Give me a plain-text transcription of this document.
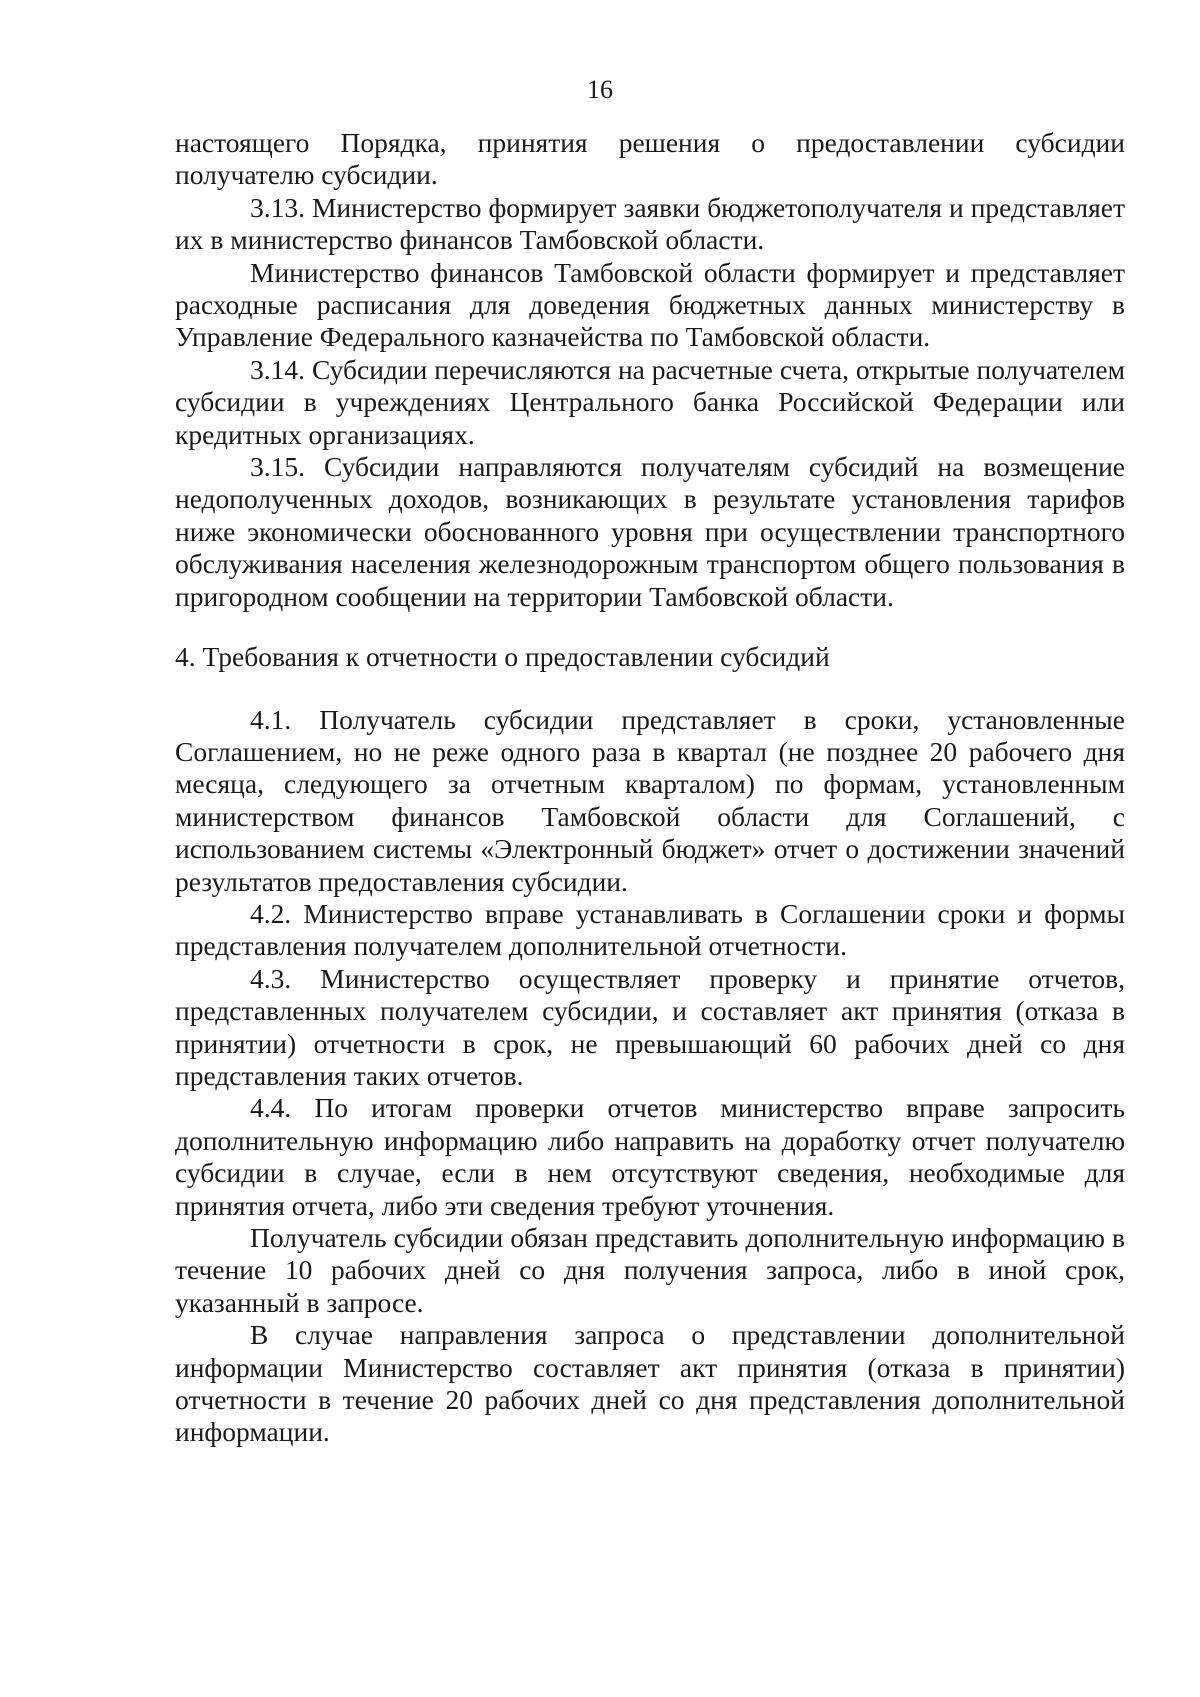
16

настоящего Порядка, принятия решения о предоставлении субсидии получателю субсидии.

3.13. Министерство формирует заявки бюджетополучателя и представляет их в министерство финансов Тамбовской области.

Министерство финансов Тамбовской области формирует и представляет расходные расписания для доведения бюджетных данных министерству в Управление Федерального казначейства по Тамбовской области.

3.14. Субсидии перечисляются на расчетные счета, открытые получателем субсидии в учреждениях Центрального банка Российской Федерации или кредитных организациях.

3.15. Субсидии направляются получателям субсидий на возмещение недополученных доходов, возникающих в результате установления тарифов ниже экономически обоснованного уровня при осуществлении транспортного обслуживания населения железнодорожным транспортом общего пользования в пригородном сообщении на территории Тамбовской области.

4. Требования к отчетности о предоставлении субсидий

4.1. Получатель субсидии представляет в сроки, установленные Соглашением, но не реже одного раза в квартал (не позднее 20 рабочего дня месяца, следующего за отчетным кварталом) по формам, установленным министерством финансов Тамбовской области для Соглашений, с использованием системы «Электронный бюджет» отчет о достижении значений результатов предоставления субсидии.

4.2. Министерство вправе устанавливать в Соглашении сроки и формы представления получателем дополнительной отчетности.

4.3. Министерство осуществляет проверку и принятие отчетов, представленных получателем субсидии, и составляет акт принятия (отказа в принятии) отчетности в срок, не превышающий 60 рабочих дней со дня представления таких отчетов.

4.4. По итогам проверки отчетов министерство вправе запросить дополнительную информацию либо направить на доработку отчет получателю субсидии в случае, если в нем отсутствуют сведения, необходимые для принятия отчета, либо эти сведения требуют уточнения.

Получатель субсидии обязан представить дополнительную информацию в течение 10 рабочих дней со дня получения запроса, либо в иной срок, указанный в запросе.

В случае направления запроса о представлении дополнительной информации Министерство составляет акт принятия (отказа в принятии) отчетности в течение 20 рабочих дней со дня представления дополнительной информации.
